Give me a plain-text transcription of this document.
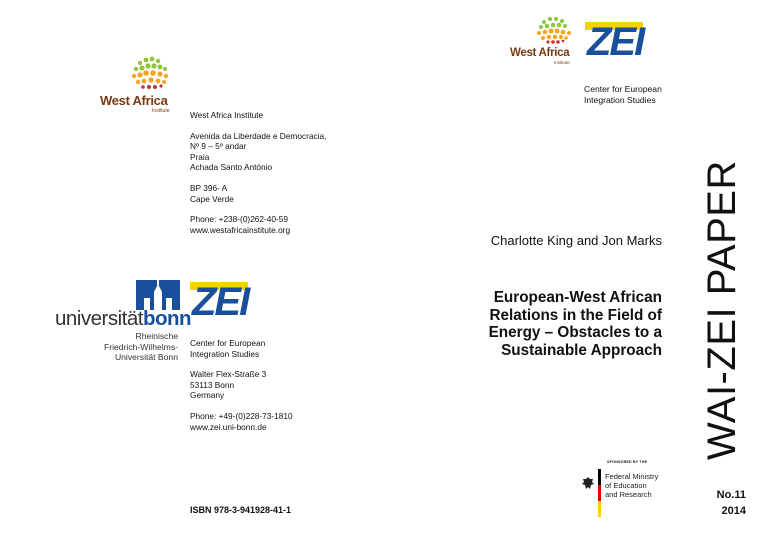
West Africa
Institute
West Africa
Institute ZEI
Center for European
Integration Studies
West Africa Institute
Avenida da Liberdade e Democracia,
Nº 9 – 5º andar
Praia
Achada Santo António
BP 396- A
Cape Verde
Phone: +238-(0)262-40-59
www.westafricainstitute.org
Charlotte King and Jon Marks
European-West African
Relations in the Field of
Energy – Obstacles to a
Sustainable Approach WAI-ZEI PAPER
universitätbonn
Rheinische
Friedrich-Wilhelms-
Universität Bonn
ZEI
Center for European
Integration Studies
Walter Flex-Straße 3
53113 Bonn
Germany
Phone: +49-(0)228-73-1810
www.zei.uni-bonn.de
SPONSORED BY THE
Federal Ministry
of Education
and Research	No.11
2014
ISBN 978-3-941928-41-1
